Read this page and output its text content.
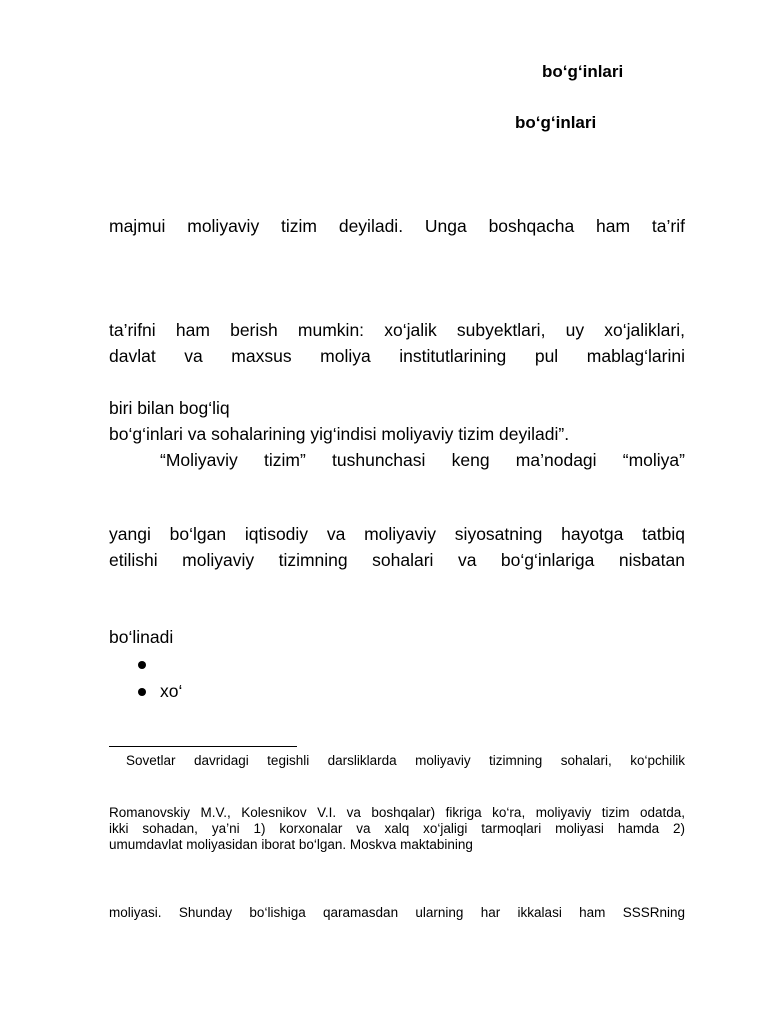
bo‘g‘inlari
bo‘g‘inlari
majmui moliyaviy tizim deyiladi. Unga boshqacha ham ta’rif
ta’rifni ham berish mumkin: xo‘jalik subyektlari, uy xo‘jaliklari,
davlat va maxsus moliya institutlarining pul mablag‘larini
biri bilan bog‘liq
bo‘g‘inlari va sohalarining yig‘indisi moliyaviy tizim deyiladi”.
“Moliyaviy tizim” tushunchasi keng ma’nodagi “moliya”
yangi bo‘lgan iqtisodiy va moliyaviy siyosatning hayotga tatbiq
etilishi moliyaviy tizimning sohalari va bo‘g‘inlariga nisbatan
bo‘linadi
xo‘
Sovetlar davridagi tegishli darsliklarda moliyaviy tizimning sohalari, ko‘pchilik
Romanovskiy M.V., Kolesnikov V.I. va boshqalar) fikriga ko‘ra, moliyaviy tizim odatda,
ikki sohadan, ya’ni 1) korxonalar va xalq xo‘jaligi tarmoqlari moliyasi hamda 2)
umumdavlat moliyasidan iborat bo‘lgan. Moskva maktabining
moliyasi. Shunday bo‘lishiga qaramasdan ularning har ikkalasi ham SSSRning
